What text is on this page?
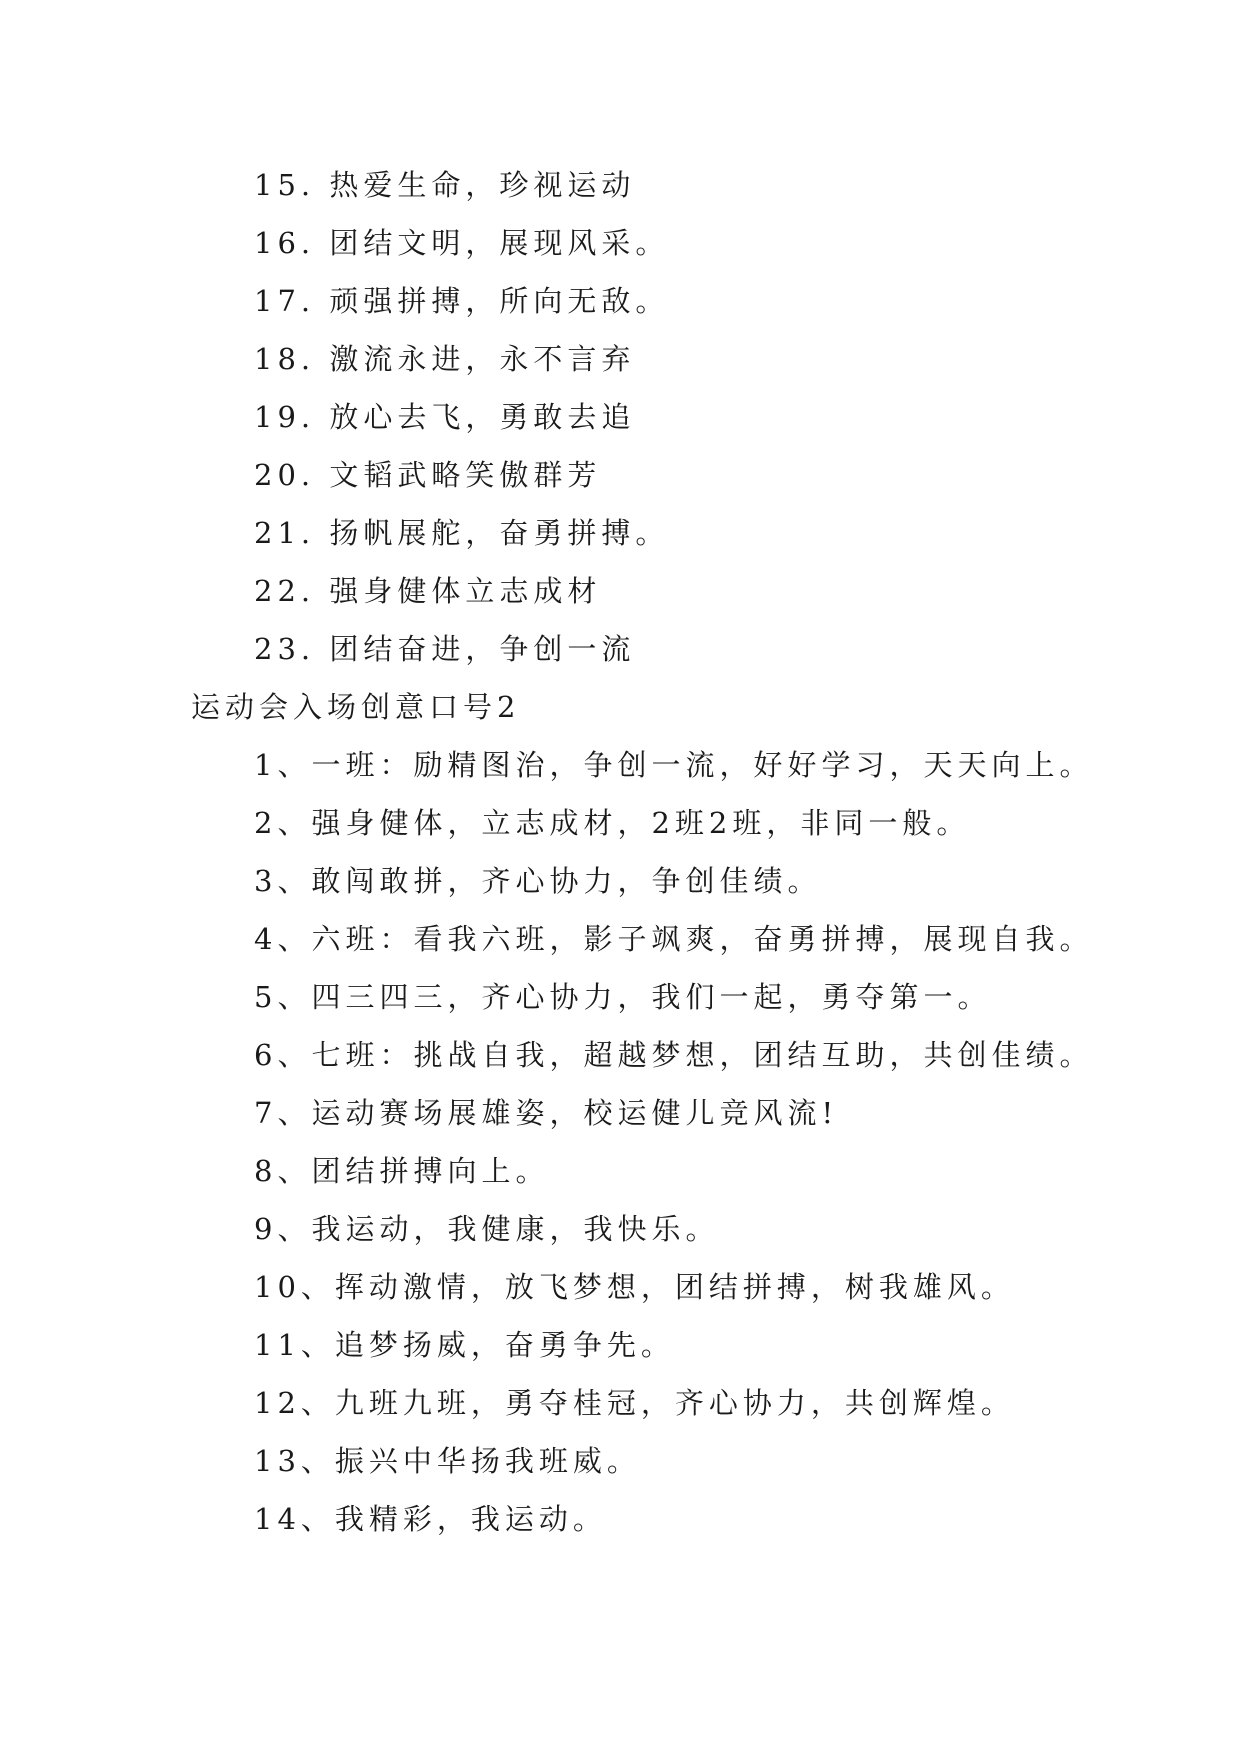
15. 热爱生命，珍视运动
16. 团结文明，展现风采。
17. 顽强拼搏，所向无敌。
18. 激流永进，永不言弃
19. 放心去飞，勇敢去追
20. 文韬武略笑傲群芳
21. 扬帆展舵，奋勇拼搏。
22. 强身健体立志成材
23. 团结奋进，争创一流
运动会入场创意口号2
1、一班：励精图治，争创一流，好好学习，天天向上。
2、强身健体，立志成材，2班2班，非同一般。
3、敢闯敢拼，齐心协力，争创佳绩。
4、六班：看我六班，影子飒爽，奋勇拼搏，展现自我。
5、四三四三，齐心协力，我们一起，勇夺第一。
6、七班：挑战自我，超越梦想，团结互助，共创佳绩。
7、运动赛场展雄姿，校运健儿竞风流!
8、团结拼搏向上。
9、我运动，我健康，我快乐。
10、挥动激情，放飞梦想，团结拼搏，树我雄风。
11、追梦扬威，奋勇争先。
12、九班九班，勇夺桂冠，齐心协力，共创辉煌。
13、振兴中华扬我班威。
14、我精彩，我运动。
